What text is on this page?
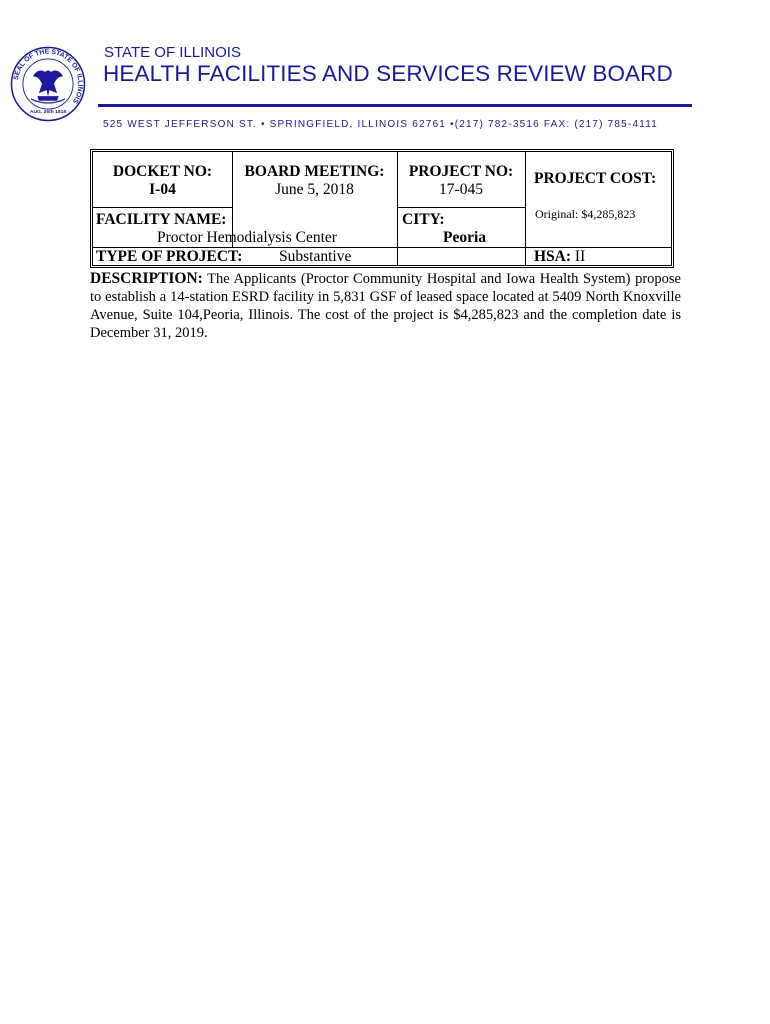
SEAL OF THE STATE OF ILLINOIS
AUG. 26th 1818
STATE OF ILLINOIS
HEALTH FACILITIES AND SERVICES REVIEW BOARD
525 WEST JEFFERSON ST. • SPRINGFIELD, ILLINOIS 62761 •(217) 782-3516 FAX: (217) 785-4111
DOCKET NO:
I-04
BOARD MEETING:
June 5, 2018
PROJECT NO:
17-045
PROJECT COST:
Original: $4,285,823
FACILITY NAME:
Proctor Hemodialysis Center
CITY:
Peoria
TYPE OF PROJECT: Substantive	HSA: II
DESCRIPTION: The Applicants (Proctor Community Hospital and Iowa Health System) propose to establish a 14-station ESRD facility in 5,831 GSF of leased space located at 5409 North Knoxville Avenue, Suite 104,Peoria, Illinois. The cost of the project is $4,285,823 and the completion date is December 31, 2019.
